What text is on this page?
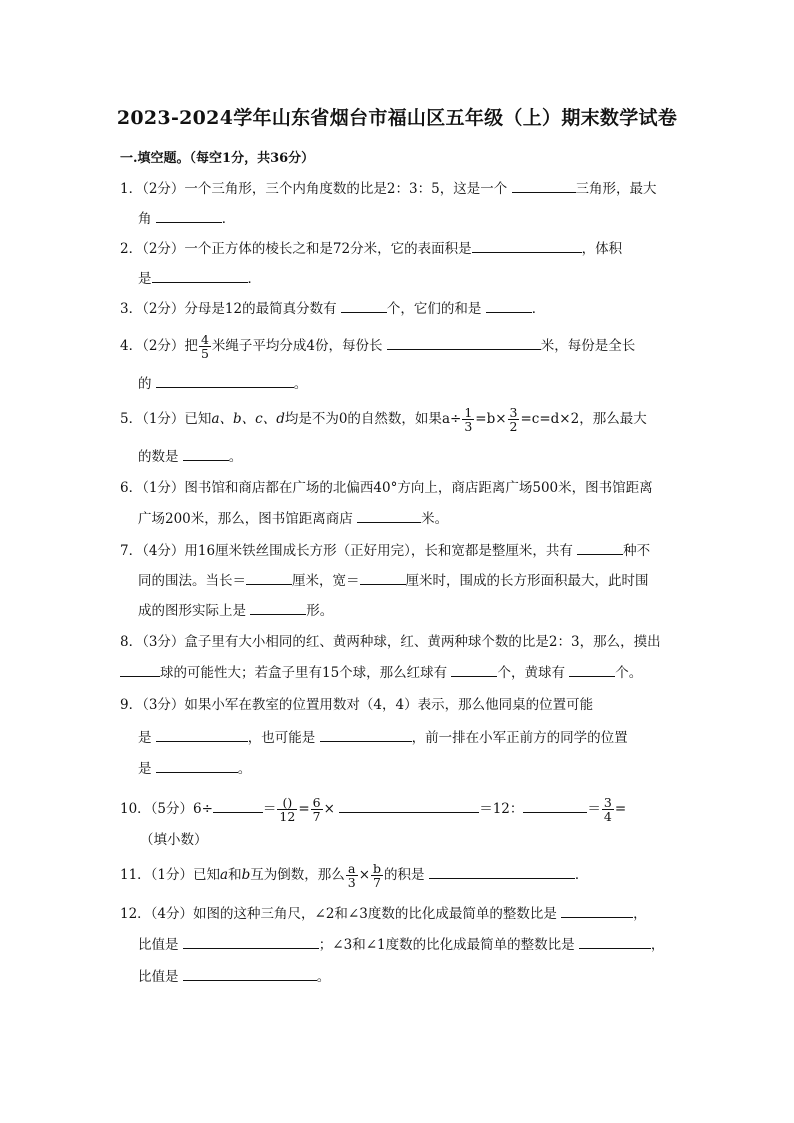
2023-2024学年山东省烟台市福山区五年级（上）期末数学试卷
一.填空题。（每空1分，共36分）
1．（2分）一个三角形，三个内角度数的比是2：3：5，这是一个	三角形，最大
角	．
2．（2分）一个正方体的棱长之和是72分米，它的表面积是	，体积
是	．
3．（2分）分母是12的最简真分数有	个，它们的和是	．
4．（2分）把 $\frac{4}{5}$ 米绳子平均分成4份，每份长	米，每份是全长
的	。
5．（1分）已知a、b、c、d均是不为0的自然数，如果$a\div \frac{1}{3} =b\times \frac{3}{2} =c=d\times 2$，那么最大
的数是	。
6．（1分）图书馆和商店都在广场的北偏西40°方向上，商店距离广场500米，图书馆距离
广场200米，那么，图书馆距离商店	米。
7．（4分）用16厘米铁丝围成长方形（正好用完），长和宽都是整厘米，共有	种不
同的围法。当长＝	厘米，宽＝	厘米时，围成的长方形面积最大，此时围
成的图形实际上是	形。
8．（3分）盒子里有大小相同的红、黄两种球，红、黄两种球个数的比是2：3，那么，摸出
球的可能性大；若盒子里有15个球，那么红球有	个，黄球有	个。
9．（3分）如果小军在教室的位置用数对（4，4）表示，那么他同桌的位置可能
是	，也可能是	，前一排在小军正前方的同学的位置
是	。
10．（5分）6÷	＝ $\frac{()}{12} = \frac{6}{7}$ ×	＝12：	＝ $\frac{3}{4}$ =
（填小数）
11．（1分）已知a和b互为倒数，那么 $\frac{a}{3} \times \frac{b}{7}$ 的积是	．
12．（4分）如图的这种三角尺，∠2和∠3度数的比化成最简单的整数比是	，
比值是	；∠3和∠1度数的比化成最简单的整数比是	，
比值是	。
